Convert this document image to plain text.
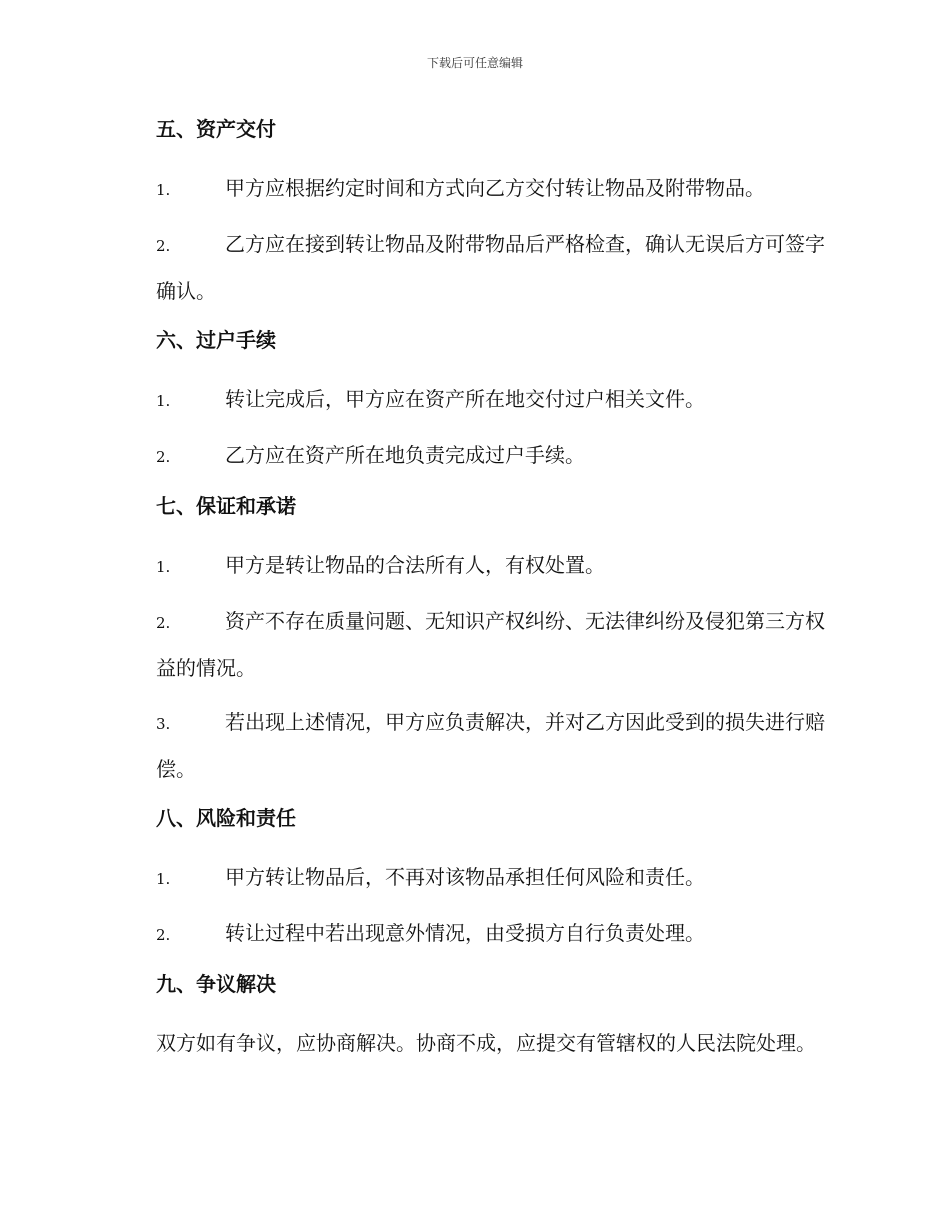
下载后可任意编辑
五、资产交付
1.	甲方应根据约定时间和方式向乙方交付转让物品及附带物品。
2.	乙方应在接到转让物品及附带物品后严格检查，确认无误后方可签字确认。
六、过户手续
1.	转让完成后，甲方应在资产所在地交付过户相关文件。
2.	乙方应在资产所在地负责完成过户手续。
七、保证和承诺
1.	甲方是转让物品的合法所有人，有权处置。
2.	资产不存在质量问题、无知识产权纠纷、无法律纠纷及侵犯第三方权益的情况。
3.	若出现上述情况，甲方应负责解决，并对乙方因此受到的损失进行赔偿。
八、风险和责任
1.	甲方转让物品后，不再对该物品承担任何风险和责任。
2.	转让过程中若出现意外情况，由受损方自行负责处理。
九、争议解决
双方如有争议，应协商解决。协商不成，应提交有管辖权的人民法院处理。
